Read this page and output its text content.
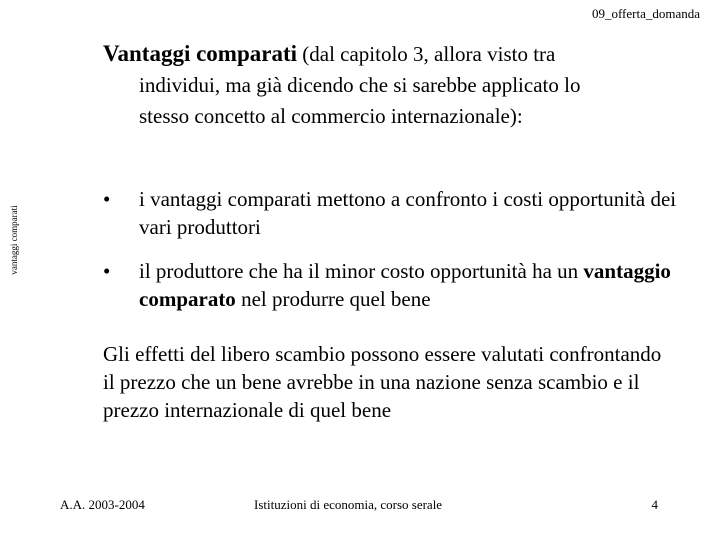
09_offerta_domanda
vantaggi comparati
Vantaggi comparati (dal capitolo 3, allora visto tra
individui, ma già dicendo che si sarebbe applicato lo
stesso concetto al commercio internazionale):
•	i vantaggi comparati mettono a confronto i costi opportunità dei vari produttori
•	il produttore che ha il minor costo opportunità ha un vantaggio comparato nel produrre quel bene
Gli effetti del libero scambio possono essere valutati confrontando il prezzo che un bene avrebbe in una nazione senza scambio e il prezzo internazionale di quel bene
A.A. 2003-2004	Istituzioni di economia, corso serale	4
